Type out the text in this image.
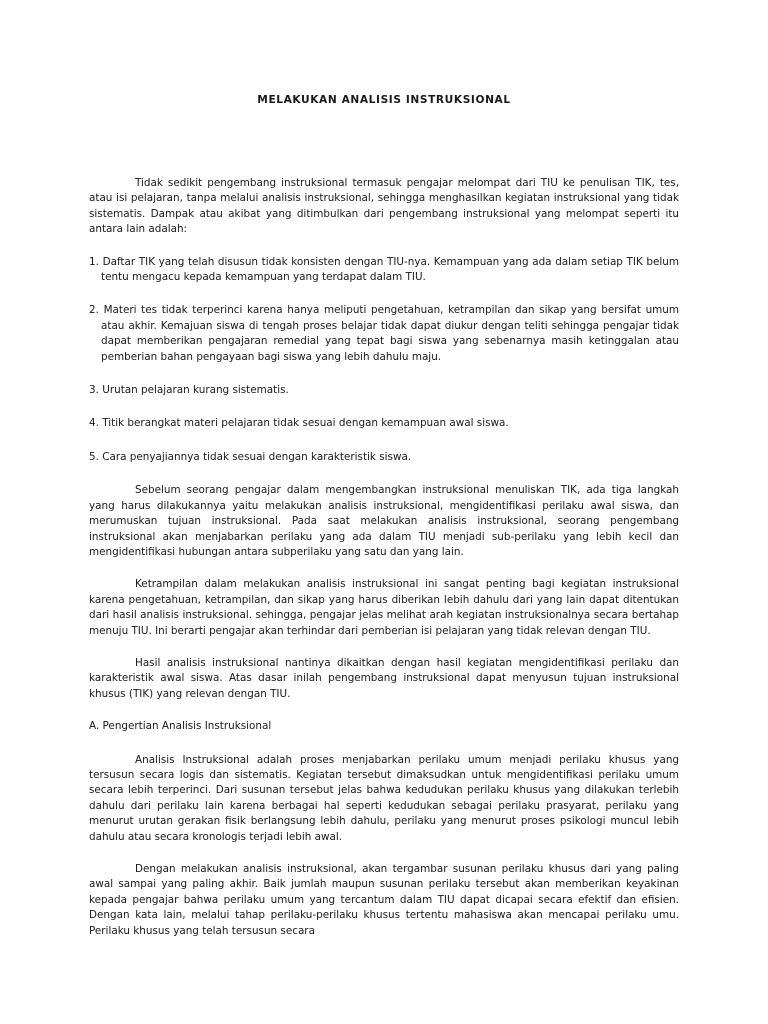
MELAKUKAN ANALISIS INSTRUKSIONAL

Tidak sedikit pengembang instruksional termasuk pengajar melompat dari TIU ke penulisan TIK, tes, atau isi pelajaran, tanpa melalui analisis instruksional, sehingga menghasilkan kegiatan instruksional yang tidak sistematis. Dampak atau akibat yang ditimbulkan dari pengembang instruksional yang melompat seperti itu antara lain adalah:

1. Daftar TIK yang telah disusun tidak konsisten dengan TIU-nya. Kemampuan yang ada dalam setiap TIK belum tentu mengacu kepada kemampuan yang terdapat dalam TIU.
2. Materi tes tidak terperinci karena hanya meliputi pengetahuan, ketrampilan dan sikap yang bersifat umum atau akhir. Kemajuan siswa di tengah proses belajar tidak dapat diukur dengan teliti sehingga pengajar tidak dapat memberikan pengajaran remedial yang tepat bagi siswa yang sebenarnya masih ketinggalan atau pemberian bahan pengayaan bagi siswa yang lebih dahulu maju.
3. Urutan pelajaran kurang sistematis.
4. Titik berangkat materi pelajaran tidak sesuai dengan kemampuan awal siswa.
5. Cara penyajiannya tidak sesuai dengan karakteristik siswa.

Sebelum seorang pengajar dalam mengembangkan instruksional menuliskan TIK, ada tiga langkah yang harus dilakukannya yaitu melakukan analisis instruksional, mengidentifikasi perilaku awal siswa, dan merumuskan tujuan instruksional. Pada saat melakukan analisis instruksional, seorang pengembang instruksional akan menjabarkan perilaku yang ada dalam TIU menjadi sub-perilaku yang lebih kecil dan mengidentifikasi hubungan antara subperilaku yang satu dan yang lain.

Ketrampilan dalam melakukan analisis instruksional ini sangat penting bagi kegiatan instruksional karena pengetahuan, ketrampilan, dan sikap yang harus diberikan lebih dahulu dari yang lain dapat ditentukan dari hasil analisis instruksional. sehingga, pengajar jelas melihat arah kegiatan instruksionalnya secara bertahap menuju TIU. Ini berarti pengajar akan terhindar dari pemberian isi pelajaran yang tidak relevan dengan TIU.

Hasil analisis instruksional nantinya dikaitkan dengan hasil kegiatan mengidentifikasi perilaku dan karakteristik awal siswa. Atas dasar inilah pengembang instruksional dapat menyusun tujuan instruksional khusus (TIK) yang relevan dengan TIU.

A. Pengertian Analisis Instruksional

Analisis Instruksional adalah proses menjabarkan perilaku umum menjadi perilaku khusus yang tersusun secara logis dan sistematis. Kegiatan tersebut dimaksudkan untuk mengidentifikasi perilaku umum secara lebih terperinci. Dari susunan tersebut jelas bahwa kedudukan perilaku khusus yang dilakukan terlebih dahulu dari perilaku lain karena berbagai hal seperti kedudukan sebagai perilaku prasyarat, perilaku yang menurut urutan gerakan fisik berlangsung lebih dahulu, perilaku yang menurut proses psikologi muncul lebih dahulu atau secara kronologis terjadi lebih awal.

Dengan melakukan analisis instruksional, akan tergambar susunan perilaku khusus dari yang paling awal sampai yang paling akhir. Baik jumlah maupun susunan perilaku tersebut akan memberikan keyakinan kepada pengajar bahwa perilaku umum yang tercantum dalam TIU dapat dicapai secara efektif dan efisien. Dengan kata lain, melalui tahap perilaku-perilaku khusus tertentu mahasiswa akan mencapai perilaku umu. Perilaku khusus yang telah tersusun secara
